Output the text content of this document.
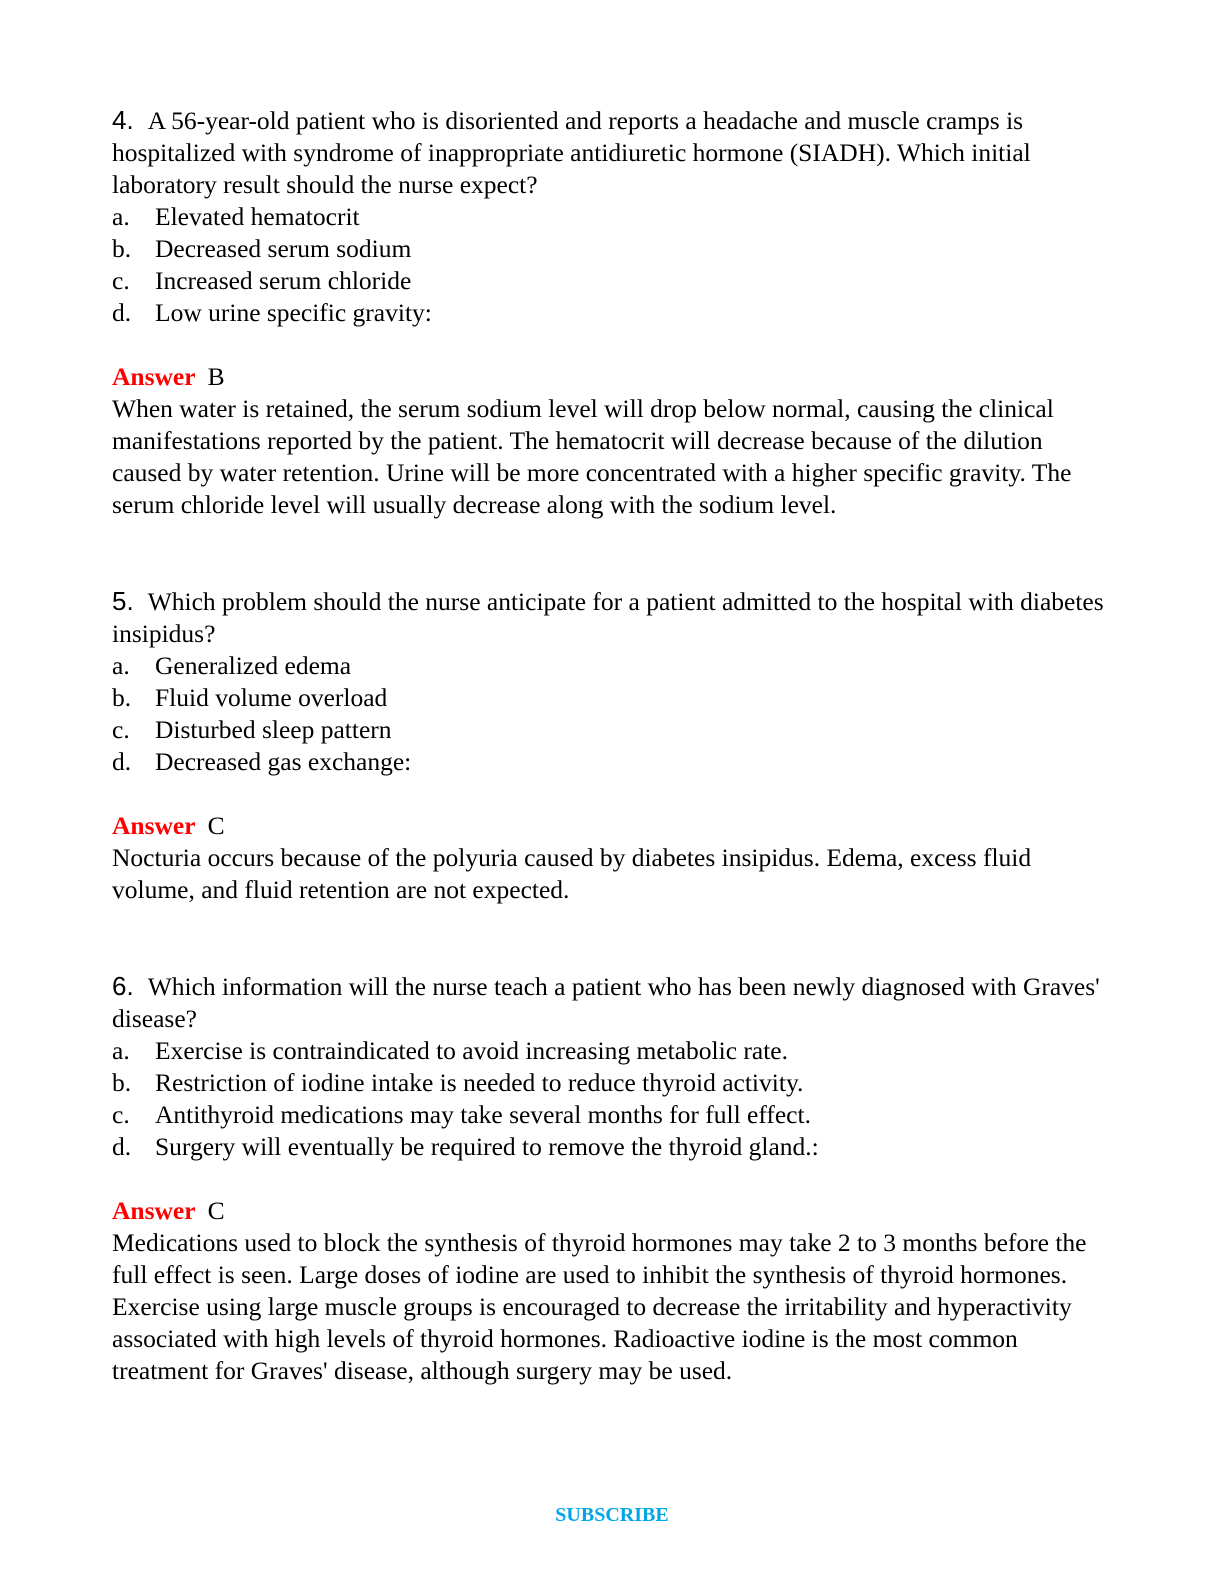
4. A 56-year-old patient who is disoriented and reports a headache and muscle cramps is hospitalized with syndrome of inappropriate antidiuretic hormone (SIADH). Which initial laboratory result should the nurse expect?

a. Elevated hematocrit
b. Decreased serum sodium
c. Increased serum chloride
d. Low urine specific gravity:
Answer B

When water is retained, the serum sodium level will drop below normal, causing the clinical manifestations reported by the patient. The hematocrit will decrease because of the dilution caused by water retention. Urine will be more concentrated with a higher specific gravity. The serum chloride level will usually decrease along with the sodium level.

5. Which problem should the nurse anticipate for a patient admitted to the hospital with diabetes insipidus?

a. Generalized edema
b. Fluid volume overload
c. Disturbed sleep pattern
d. Decreased gas exchange:
Answer C

Nocturia occurs because of the polyuria caused by diabetes insipidus. Edema, excess fluid volume, and fluid retention are not expected.

6. Which information will the nurse teach a patient who has been newly diagnosed with Graves' disease?

a. Exercise is contraindicated to avoid increasing metabolic rate.
b. Restriction of iodine intake is needed to reduce thyroid activity.
c. Antithyroid medications may take several months for full effect.
d. Surgery will eventually be required to remove the thyroid gland.:
Answer C

Medications used to block the synthesis of thyroid hormones may take 2 to 3 months before the full effect is seen. Large doses of iodine are used to inhibit the synthesis of thyroid hormones. Exercise using large muscle groups is encouraged to decrease the irritability and hyperactivity associated with high levels of thyroid hormones. Radioactive iodine is the most common treatment for Graves' disease, although surgery may be used.

SUBSCRIBE
